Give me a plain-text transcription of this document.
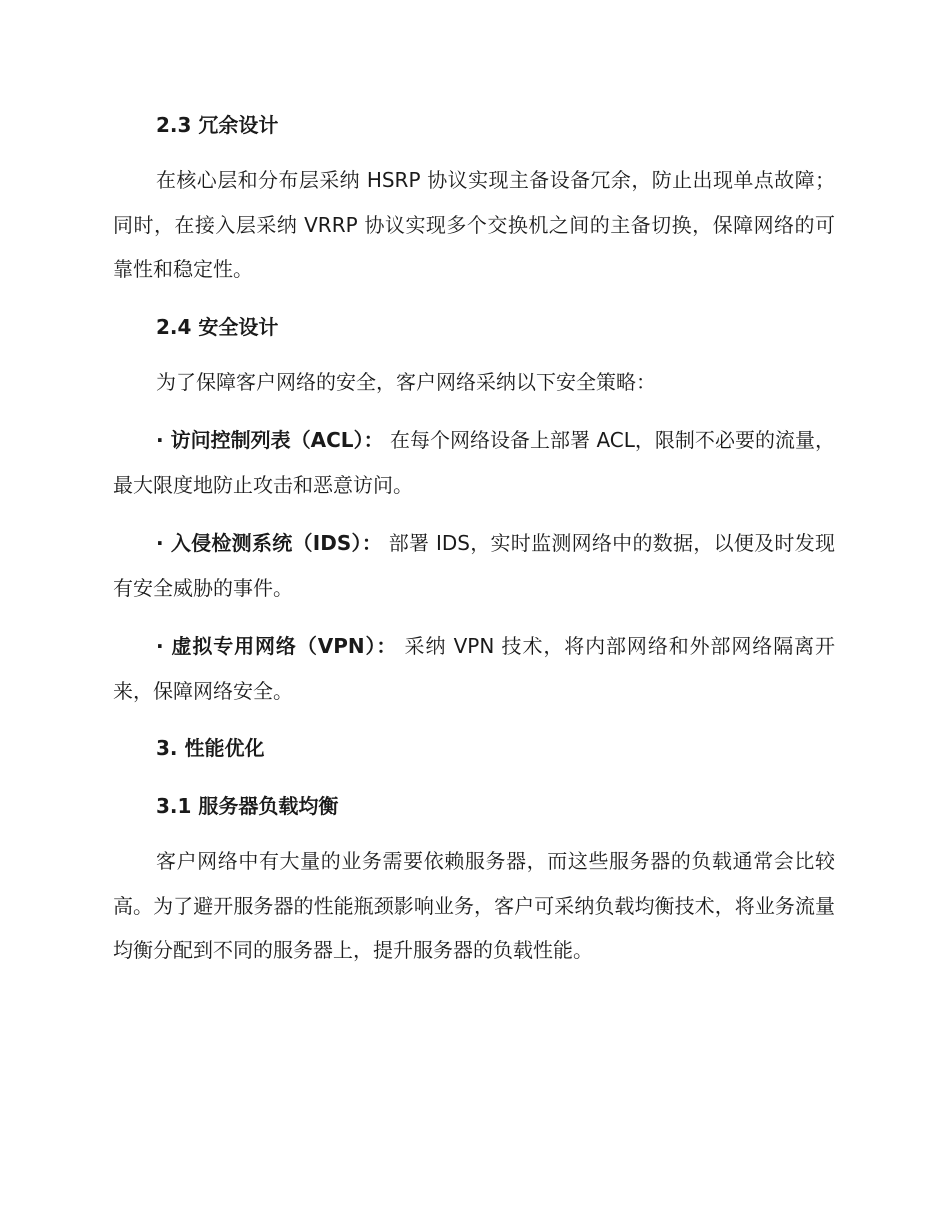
2.3 冗余设计

在核心层和分布层采纳 HSRP 协议实现主备设备冗余，防止出现单点故障；同时，在接入层采纳 VRRP 协议实现多个交换机之间的主备切换，保障网络的可靠性和稳定性。

2.4 安全设计

为了保障客户网络的安全，客户网络采纳以下安全策略：

· 访问控制列表（ACL）： 在每个网络设备上部署 ACL，限制不必要的流量，最大限度地防止攻击和恶意访问。

· 入侵检测系统（IDS）： 部署 IDS，实时监测网络中的数据，以便及时发现有安全威胁的事件。

· 虚拟专用网络（VPN）： 采纳 VPN 技术，将内部网络和外部网络隔离开来，保障网络安全。

3. 性能优化
3.1 服务器负载均衡

客户网络中有大量的业务需要依赖服务器，而这些服务器的负载通常会比较高。为了避开服务器的性能瓶颈影响业务，客户可采纳负载均衡技术，将业务流量均衡分配到不同的服务器上，提升服务器的负载性能。
